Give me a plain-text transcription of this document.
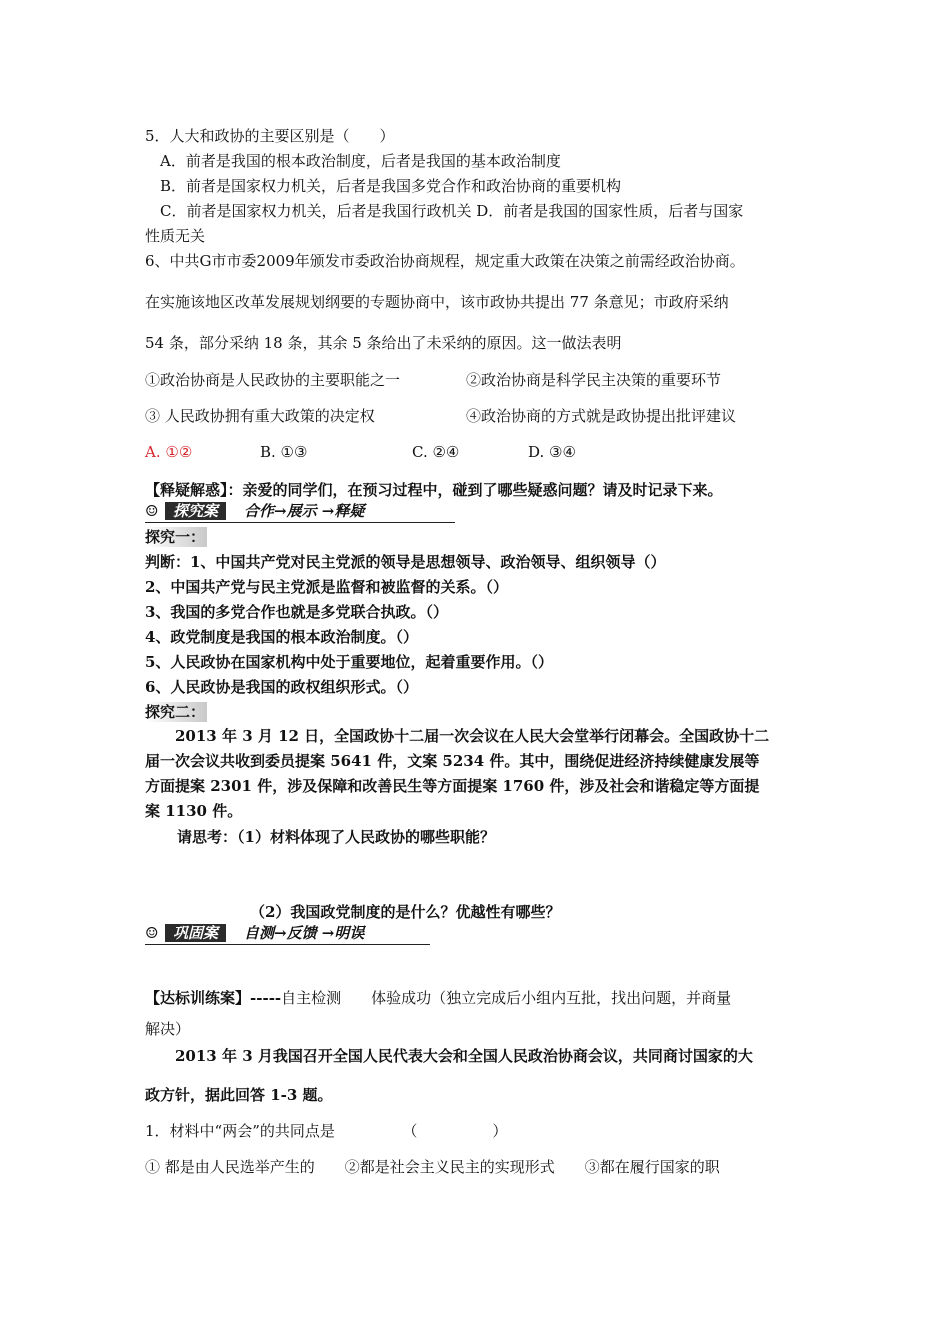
5．人大和政协的主要区别是（　　）
A．前者是我国的根本政治制度，后者是我国的基本政治制度
B．前者是国家权力机关，后者是我国多党合作和政治协商的重要机构
C．前者是国家权力机关，后者是我国行政机关 D．前者是我国的国家性质，后者与国家
性质无关
6、中共G市市委2009年颁发市委政治协商规程，规定重大政策在决策之前需经政治协商。
在实施该地区改革发展规划纲要的专题协商中，该市政协共提出 77 条意见；市政府采纳
54 条，部分采纳 18 条，其余 5 条给出了未采纳的原因。这一做法表明
①政治协商是人民政协的主要职能之一	②政治协商是科学民主决策的重要环节
③ 人民政协拥有重大政策的决定权	④政治协商的方式就是政协提出批评建议
A. ①②	B. ①③	C. ②④	D. ③④
【释疑解惑】：亲爱的同学们，在预习过程中，碰到了哪些疑惑问题？请及时记录下来。
☺ 探究案 合作→展示 →释疑
探究一：
判断：1、中国共产党对民主党派的领导是思想领导、政治领导、组织领导（）
2、中国共产党与民主党派是监督和被监督的关系。（）
3、我国的多党合作也就是多党联合执政。（）
4、政党制度是我国的根本政治制度。（）
5、人民政协在国家机构中处于重要地位，起着重要作用。（）
6、人民政协是我国的政权组织形式。（）
探究二：
2013 年 3 月 12 日，全国政协十二届一次会议在人民大会堂举行闭幕会。全国政协十二
届一次会议共收到委员提案 5641 件，文案 5234 件。其中，围绕促进经济持续健康发展等
方面提案 2301 件，涉及保障和改善民生等方面提案 1760 件，涉及社会和谐稳定等方面提
案 1130 件。
请思考：（1）材料体现了人民政协的哪些职能？
（2）我国政党制度的是什么？优越性有哪些？
☺ 巩固案 自测→反馈 →明误
【达标训练案】-----自主检测　　体验成功（独立完成后小组内互批，找出问题，并商量
解决）
2013 年 3 月我国召开全国人民代表大会和全国人民政治协商会议，共同商讨国家的大
政方针，据此回答 1-3 题。
1．材料中“两会”的共同点是　　　　　（　　　　　）
① 都是由人民选举产生的　　②都是社会主义民主的实现形式　　③都在履行国家的职
